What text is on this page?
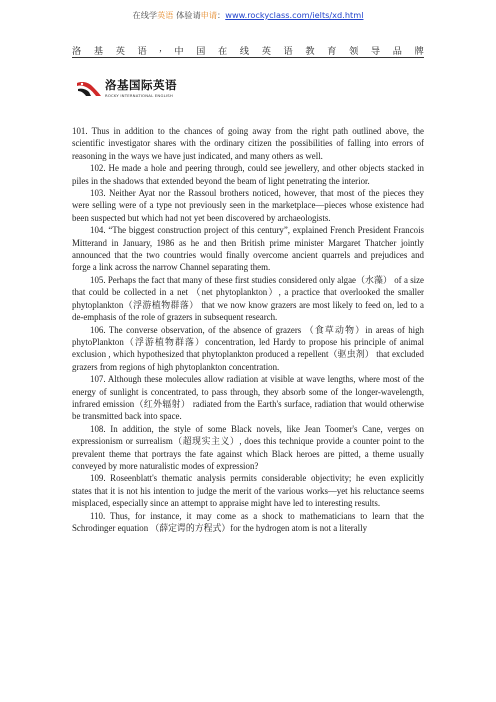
在线学英语 体验请申请：www.rockyclass.com/ielts/xd.html
洛 基 英 语 , 中 国 在 线 英 语 教 育 领 导 品 牌
洛基国际英语
ROCKY INTERNATIONAL ENGLISH

101. Thus in addition to the chances of going away from the right path outlined above, the scientific investigator shares with the ordinary citizen the possibilities of falling into errors of reasoning in the ways we have just indicated, and many others as well.

102. He made a hole and peering through, could see jewellery, and other objects stacked in piles in the shadows that extended beyond the beam of light penetrating the interior.

103. Neither Ayat nor the Rassoul brothers noticed, however, that most of the pieces they were selling were of a type not previously seen in the marketplace—pieces whose existence had been suspected but which had not yet been discovered by archaeologists.

104. “The biggest construction project of this century”, explained French President Francois Mitterand in January, 1986 as he and then British prime minister Margaret Thatcher jointly announced that the two countries would finally overcome ancient quarrels and prejudices and forge a link across the narrow Channel separating them.

105. Perhaps the fact that many of these first studies considered only algae（水藻） of a size that could be collected in a net （net phytoplankton）, a practice that overlooked the smaller phytoplankton（浮游植物群落） that we now know grazers are most likely to feed on, led to a de-emphasis of the role of grazers in subsequent research.

106. The converse observation, of the absence of grazers （食草动物）in areas of high phytoPlankton（浮游植物群落）concentration, led Hardy to propose his principle of animal exclusion , which hypothesized that phytoplankton produced a repellent（驱虫剂） that excluded grazers from regions of high phytoplankton concentration.

107. Although these molecules allow radiation at visible at wave lengths, where most of the energy of sunlight is concentrated, to pass through, they absorb some of the longer-wavelength, infrared emission（红外辐射） radiated from the Earth's surface, radiation that would otherwise be transmitted back into space.

108. In addition, the style of some Black novels, like Jean Toomer's Cane, verges on expressionism or surrealism（超现实主义）, does this technique provide a counter point to the prevalent theme that portrays the fate against which Black heroes are pitted, a theme usually conveyed by more naturalistic modes of expression?

109. Roseenblatt's thematic analysis permits considerable objectivity; he even explicitly states that it is not his intention to judge the merit of the various works—yet his reluctance seems misplaced, especially since an attempt to appraise might have led to interesting results.

110. Thus, for instance, it may come as a shock to mathematicians to learn that the Schrodinger equation （薛定谔的方程式）for the hydrogen atom is not a literally
